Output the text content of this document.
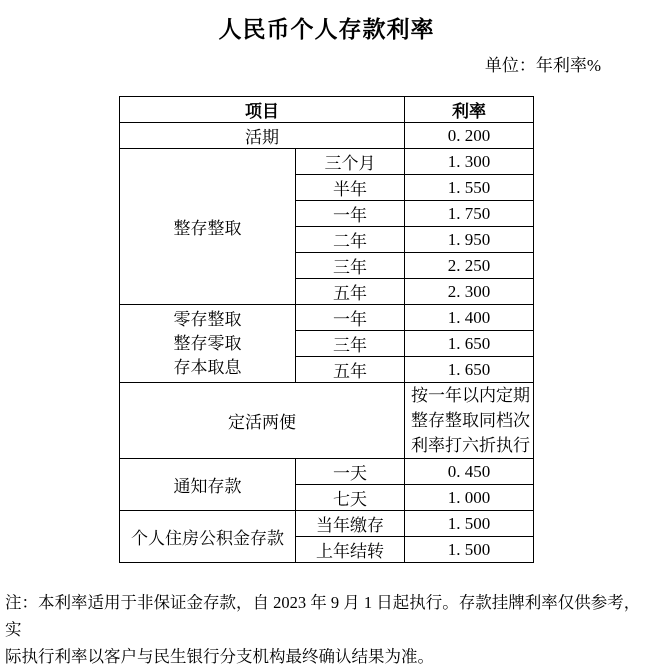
人民币个人存款利率
单位：年利率%
项目		利率
活期		0. 200
整存整取	三个月	1. 300
	半年	1. 550
	一年	1. 750
	二年	1. 950
	三年	2. 250
	五年	2. 300

零存整取
整存零取
存本取息	一年	1. 400
	三年	1. 650
	五年	1. 650
定活两便		按一年以内定期
整存整取同档次
利率打六折执行

通知存款	一天	0. 450
	七天	1. 000
个人住房公积金存款	当年缴存	1. 500
	上年结转	1. 500
注：本利率适用于非保证金存款，自 2023 年 9 月 1 日起执行。存款挂牌利率仅供参考，实
际执行利率以客户与民生银行分支机构最终确认结果为准。
